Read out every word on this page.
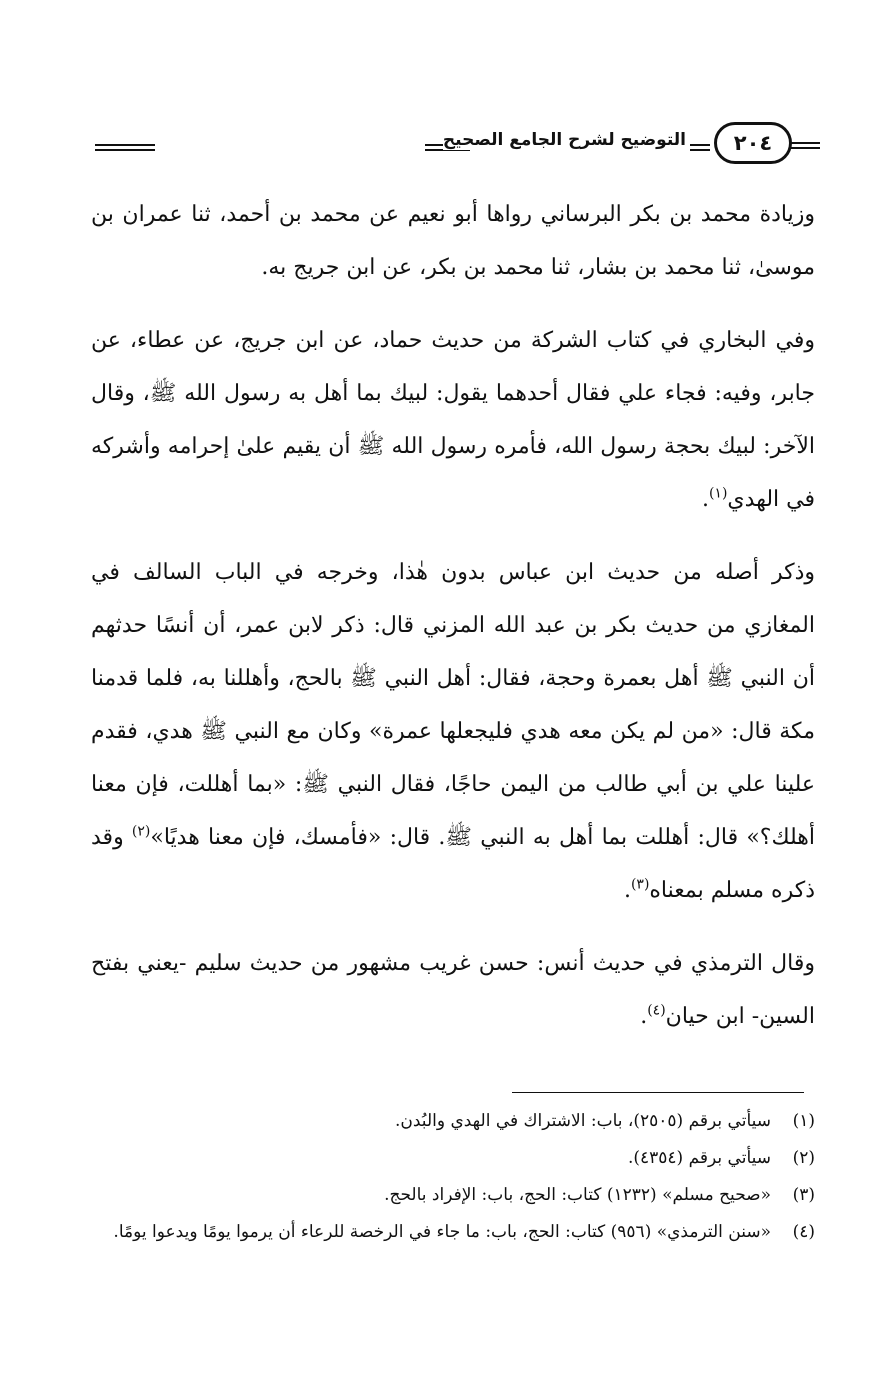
٢٠٤
التوضيح لشرح الجامع الصحيح

وزيادة محمد بن بكر البرساني رواها أبو نعيم عن محمد بن أحمد، ثنا عمران بن موسىٰ، ثنا محمد بن بشار، ثنا محمد بن بكر، عن ابن جريج به.

وفي البخاري في كتاب الشركة من حديث حماد، عن ابن جريج، عن عطاء، عن جابر، وفيه: فجاء علي فقال أحدهما يقول: لبيك بما أهل به رسول الله ﷺ، وقال الآخر: لبيك بحجة رسول الله، فأمره رسول الله ﷺ أن يقيم علىٰ إحرامه وأشركه في الهدي$^{(١)}$.

وذكر أصله من حديث ابن عباس بدون هٰذا، وخرجه في الباب السالف في المغازي من حديث بكر بن عبد الله المزني قال: ذكر لابن عمر، أن أنسًا حدثهم أن النبي ﷺ أهل بعمرة وحجة، فقال: أهل النبي ﷺ بالحج، وأهللنا به، فلما قدمنا مكة قال: «من لم يكن معه هدي فليجعلها عمرة» وكان مع النبي ﷺ هدي، فقدم علينا علي بن أبي طالب من اليمن حاجًا، فقال النبي ﷺ: «بما أهللت، فإن معنا أهلك؟» قال: أهللت بما أهل به النبي ﷺ. قال: «فأمسك، فإن معنا هديًا»$^{(٢)}$ وقد ذكره مسلم بمعناه$^{(٣)}$.

وقال الترمذي في حديث أنس: حسن غريب مشهور من حديث سليم -يعني بفتح السين- ابن حيان$^{(٤)}$.

(١)
سيأتي برقم (٢٥٠٥)، باب: الاشتراك في الهدي والبُدن.
(٢)
سيأتي برقم (٤٣٥٤).
(٣)
«صحيح مسلم» (١٢٣٢) كتاب: الحج، باب: الإفراد بالحج.
(٤)
«سنن الترمذي» (٩٥٦) كتاب: الحج، باب: ما جاء في الرخصة للرعاء أن يرموا يومًا ويدعوا يومًا.
